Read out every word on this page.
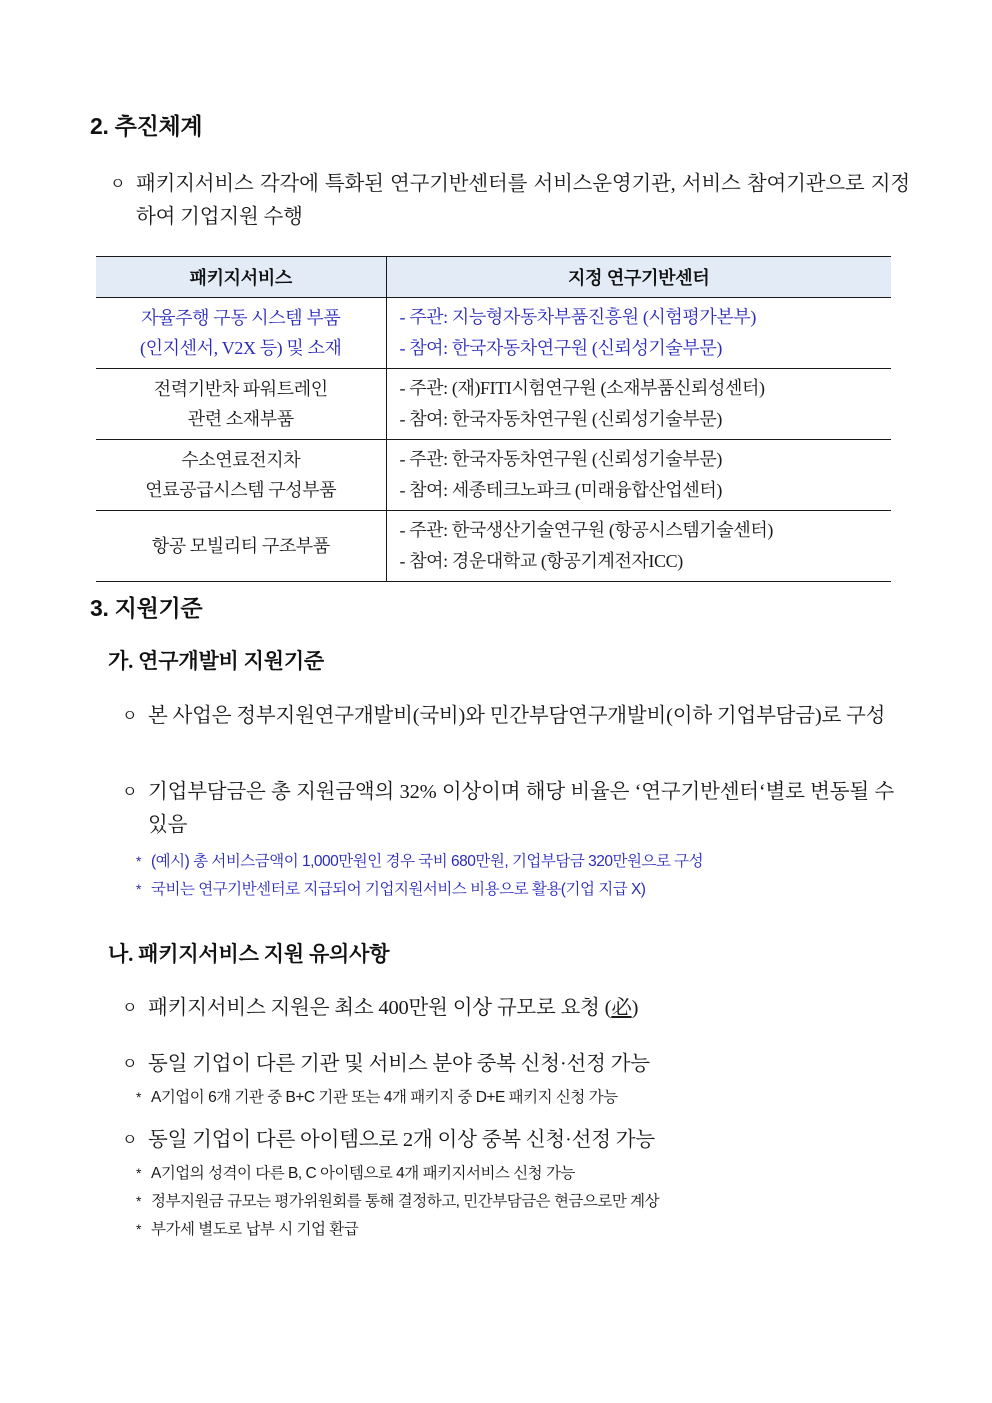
2. 추진체계
ㅇ 패키지서비스 각각에 특화된 연구기반센터를 서비스운영기관, 서비스 참여기관으로 지정하여 기업지원 수행
패키지서비스	지정 연구기반센터

자율주행 구동 시스템 부품
(인지센서, V2X 등) 및 소재	- 주관: 지능형자동차부품진흥원 (시험평가본부)
- 참여: 한국자동차연구원 (신뢰성기술부문)

전력기반차 파워트레인
관련 소재부품	- 주관: (재)FITI시험연구원 (소재부품신뢰성센터)
- 참여: 한국자동차연구원 (신뢰성기술부문)

수소연료전지차
연료공급시스템 구성부품	- 주관: 한국자동차연구원 (신뢰성기술부문)
- 참여: 세종테크노파크 (미래융합산업센터)

항공 모빌리티 구조부품	- 주관: 한국생산기술연구원 (항공시스템기술센터)
- 참여: 경운대학교 (항공기계전자ICC)
3. 지원기준
가. 연구개발비 지원기준
ㅇ 본 사업은 정부지원연구개발비(국비)와 민간부담연구개발비(이하 기업부담금)로 구성
ㅇ 기업부담금은 총 지원금액의 32% 이상이며 해당 비율은 ‘연구기반센터‘별로 변동될 수 있음
* (예시) 총 서비스금액이 1,000만원인 경우 국비 680만원, 기업부담금 320만원으로 구성
* 국비는 연구기반센터로 지급되어 기업지원서비스 비용으로 활용(기업 지급 X)
나. 패키지서비스 지원 유의사항
ㅇ 패키지서비스 지원은 최소 400만원 이상 규모로 요청 (必)
ㅇ 동일 기업이 다른 기관 및 서비스 분야 중복 신청·선정 가능
* A기업이 6개 기관 중 B+C 기관 또는 4개 패키지 중 D+E 패키지 신청 가능
ㅇ 동일 기업이 다른 아이템으로 2개 이상 중복 신청·선정 가능
* A기업의 성격이 다른 B, C 아이템으로 4개 패키지서비스 신청 가능
* 정부지원금 규모는 평가위원회를 통해 결정하고, 민간부담금은 현금으로만 계상
* 부가세 별도로 납부 시 기업 환급
